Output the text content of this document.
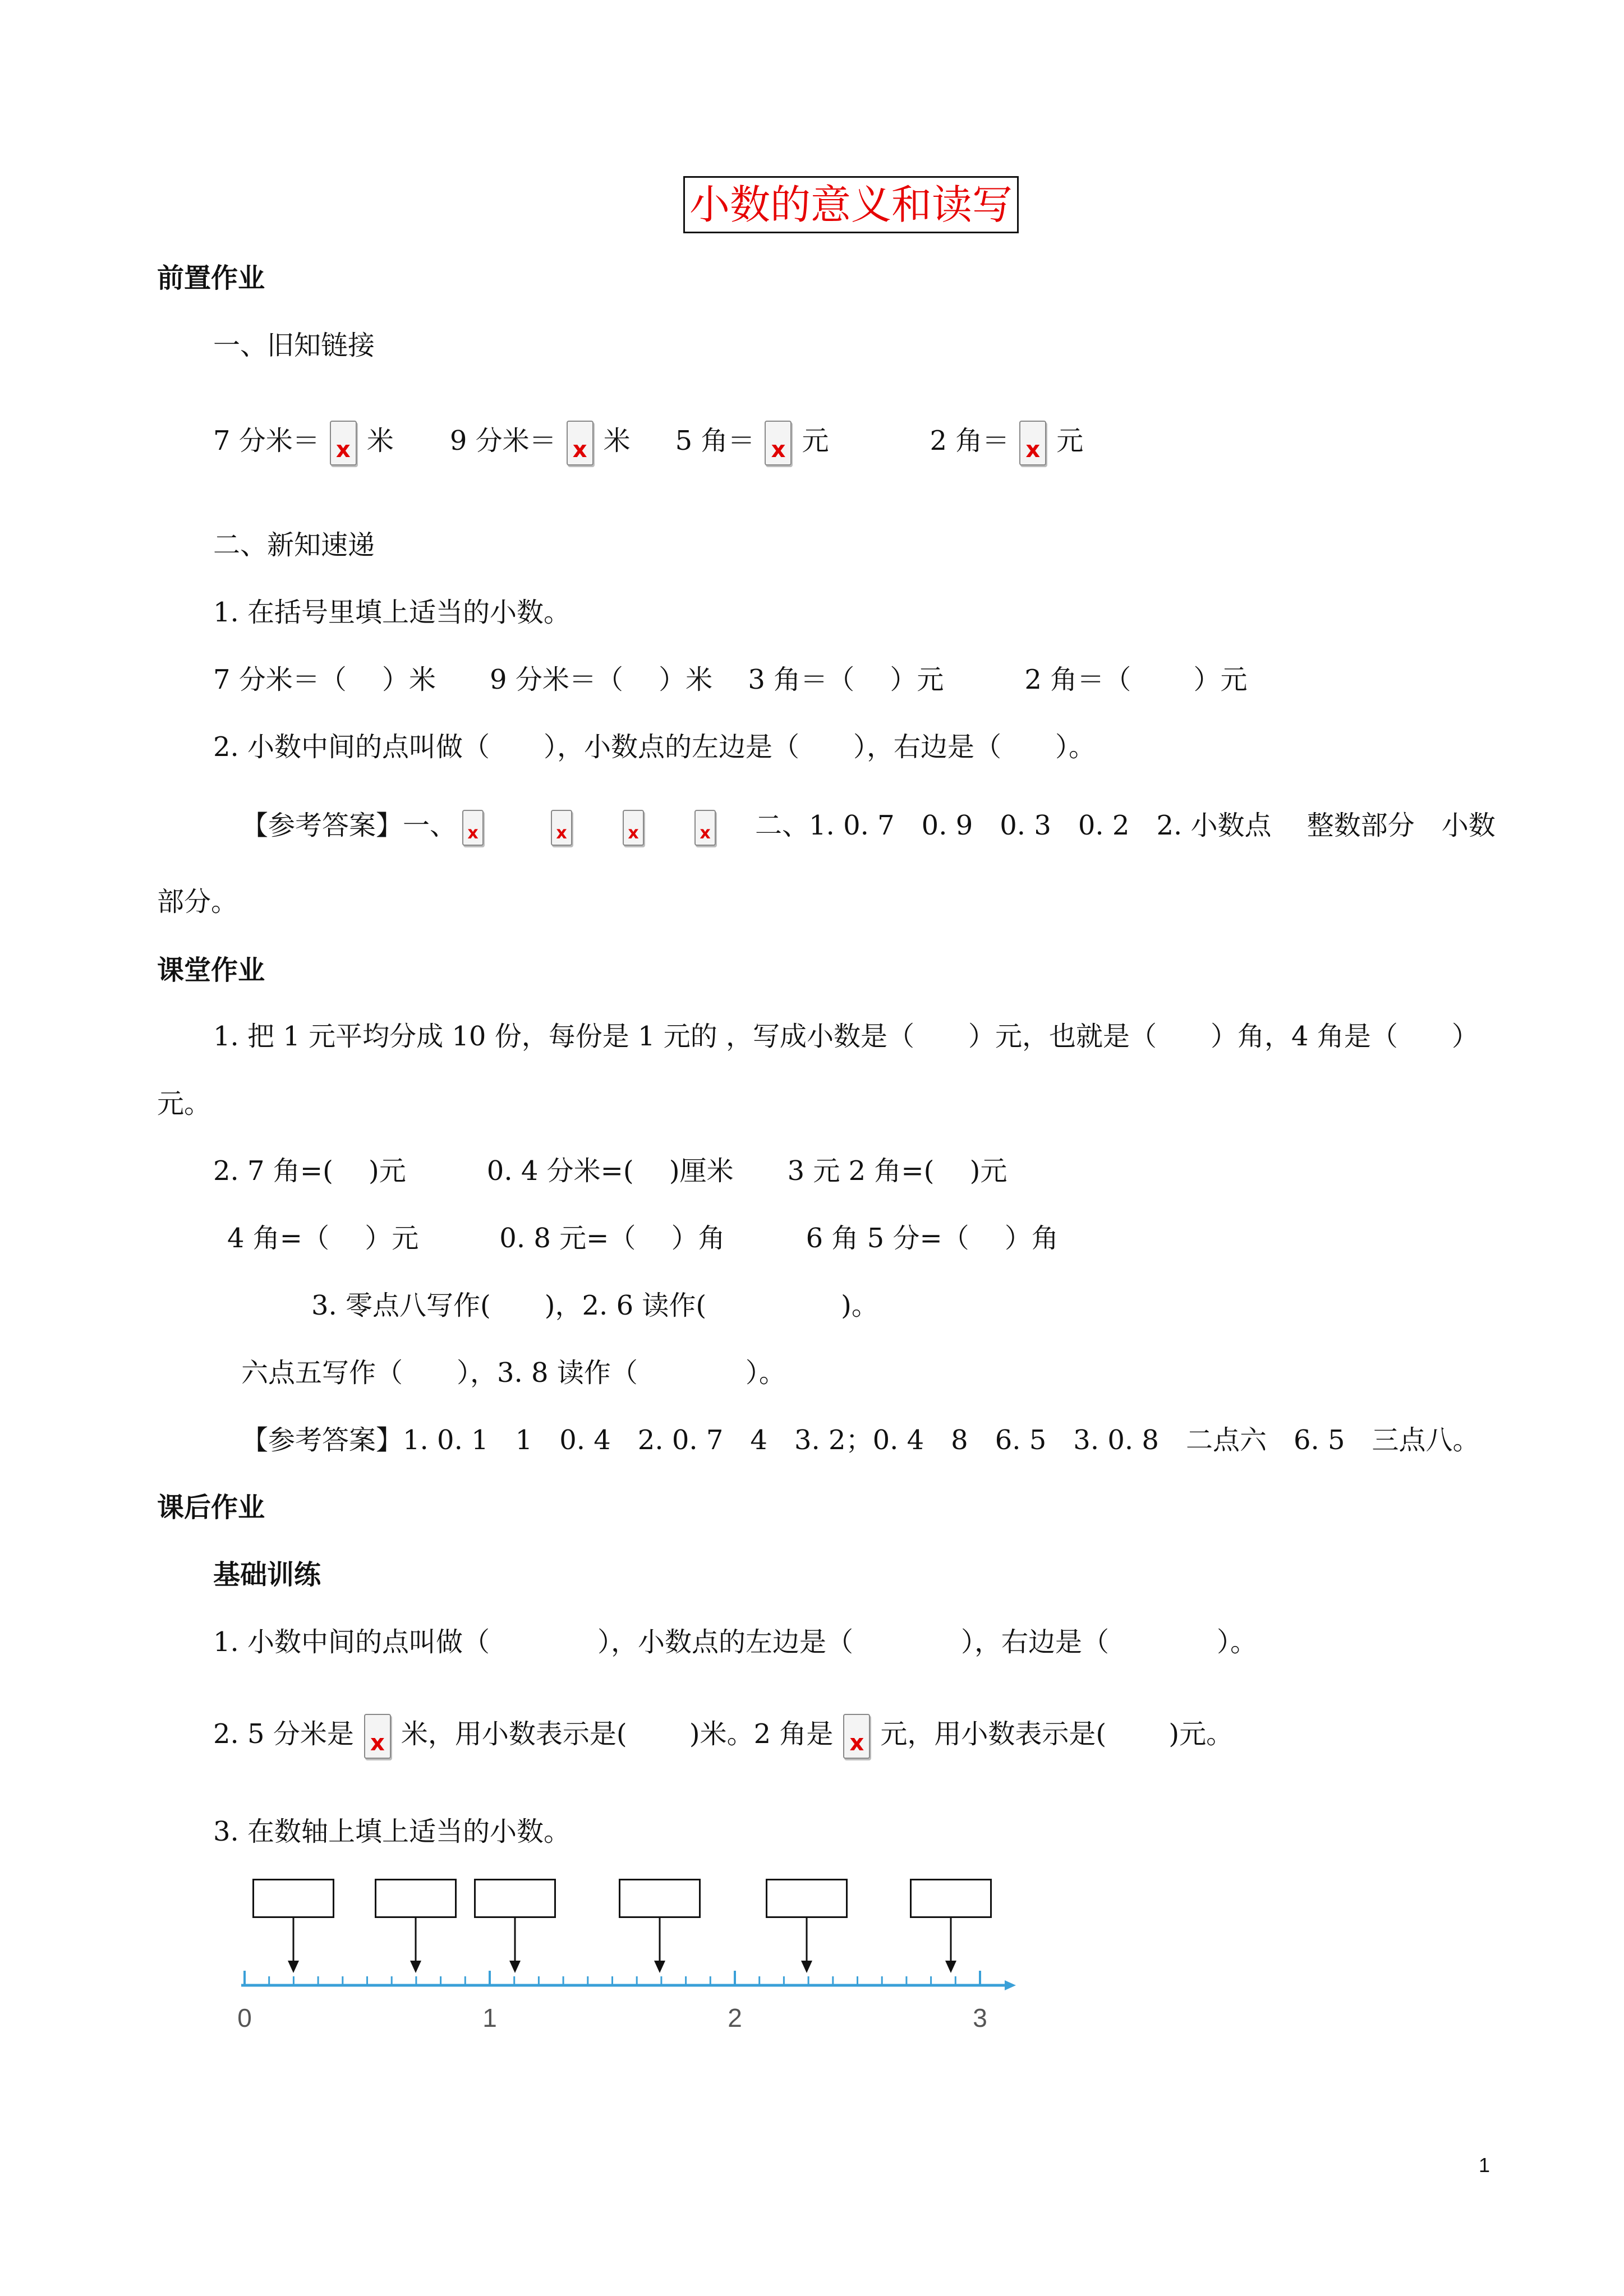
小数的意义和读写
前置作业
一、旧知链接
7 分米＝ x 米 9 分米＝ x 米 5 角＝ x 元	2 角＝ x 元
二、新知速递
1. 在括号里填上适当的小数。
7 分米＝（　 ）米　　9 分米＝（　 ）米　 3 角＝（　 ）元　　　2 角＝（　　 ）元
2. 小数中间的点叫做（　　），小数点的左边是（　　），右边是（　　）。
【参考答案】一、 x x x x	二、1. 0. 7　0. 9　0. 3　0. 2　2. 小数点　 整数部分　小数
部分。
课堂作业
1. 把 1 元平均分成 10 份，每份是 1 元的 ，写成小数是（　　）元，也就是（　　）角，4 角是（　　）
元。
2. 7 角=(　 )元　　　0. 4 分米=(　 )厘米　　3 元 2 角=(　 )元
4 角=（　 ）元　　　0. 8 元=（　 ）角　　　6 角 5 分=（　 ）角
3. 零点八写作(　　)，2. 6 读作(　　　　　)。
六点五写作（　　），3. 8 读作（　　　　）。
【参考答案】1. 0. 1　1　0. 4　2. 0. 7　4　3. 2；0. 4　8　6. 5　3. 0. 8　二点六　6. 5　三点八。
课后作业
基础训练
1. 小数中间的点叫做（　　　　），小数点的左边是（　　　　），右边是（　　　　）。
2. 5 分米是 x 米，用小数表示是(　　 )米。2 角是 x 元，用小数表示是(　　 )元。
3. 在数轴上填上适当的小数。
0	1	2	3
1
